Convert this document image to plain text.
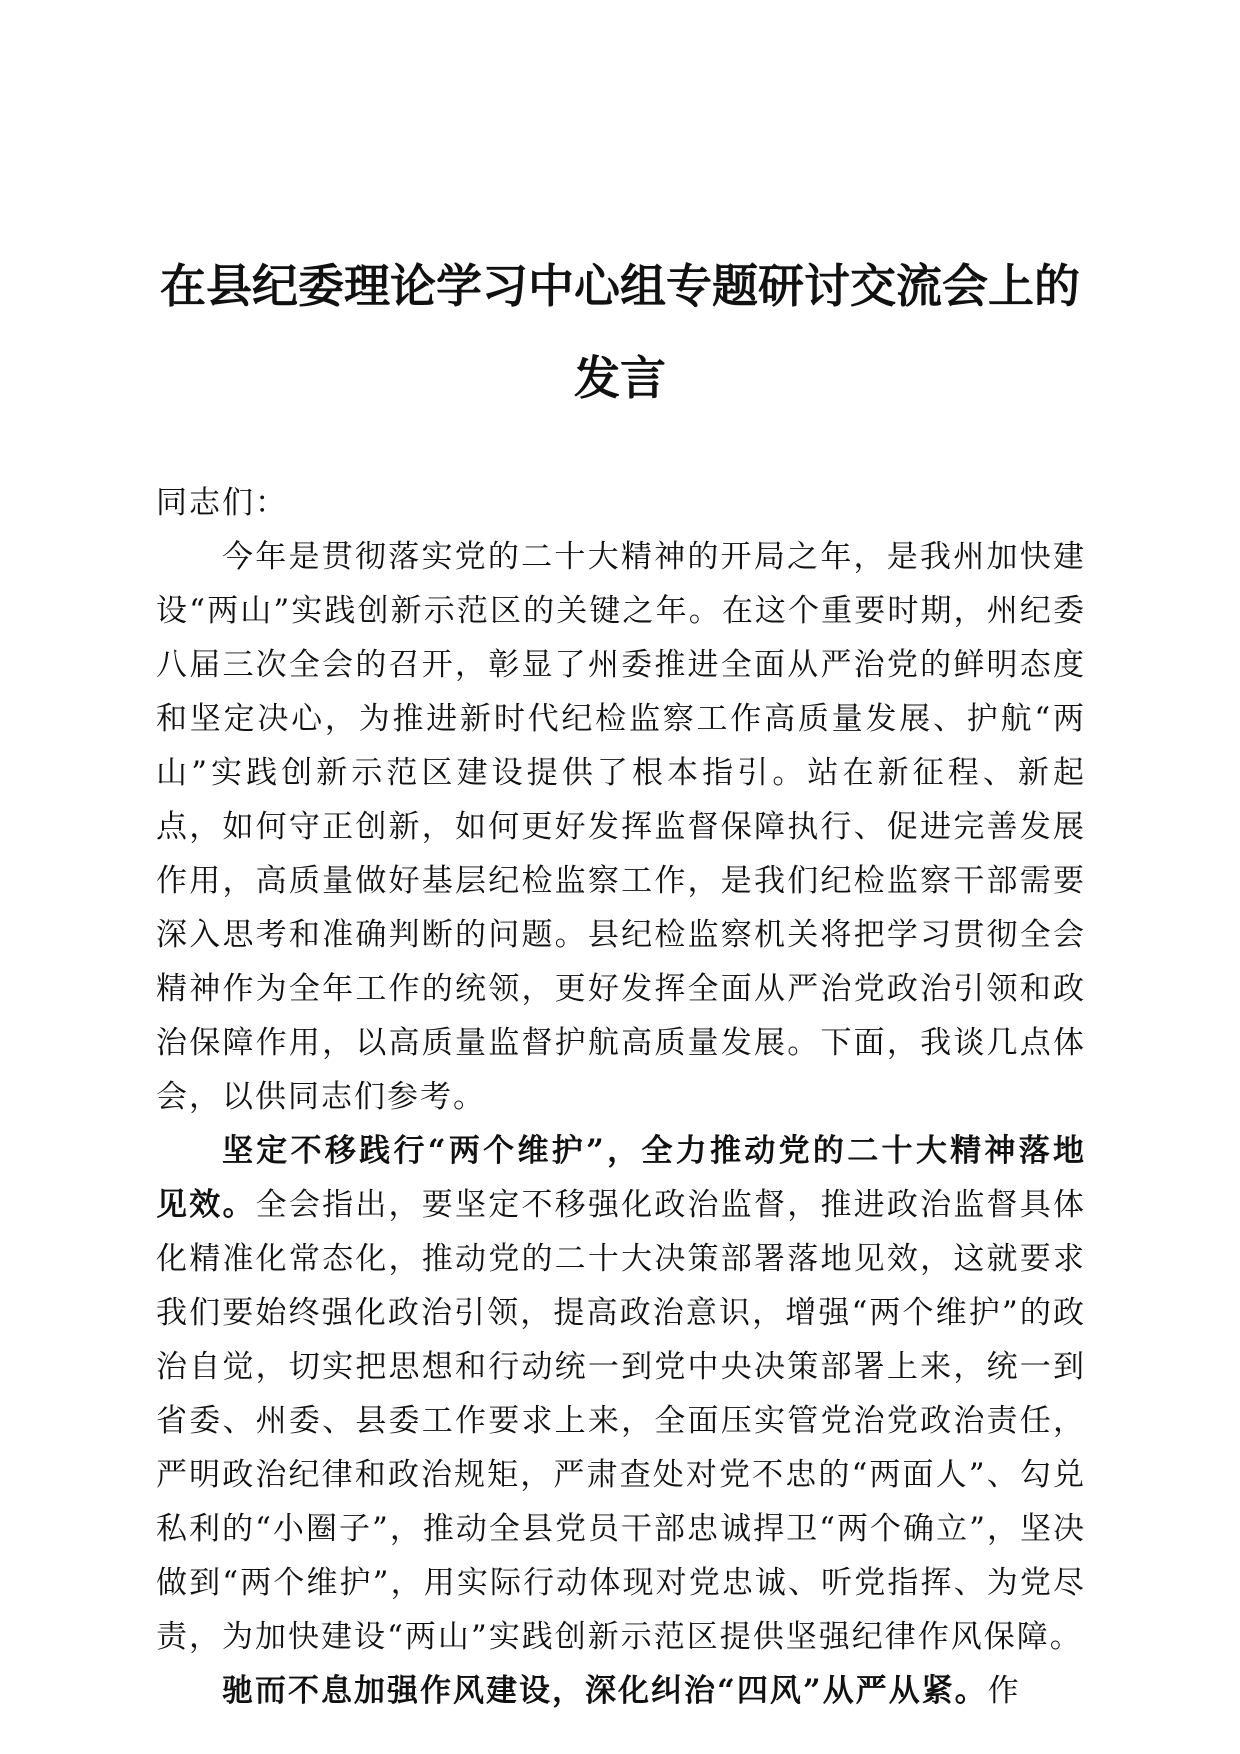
在县纪委理论学习中心组专题研讨交流会上的
发言

同志们：

今年是贯彻落实党的二十大精神的开局之年，是我州加快建设“两山”实践创新示范区的关键之年。在这个重要时期，州纪委八届三次全会的召开，彰显了州委推进全面从严治党的鲜明态度和坚定决心，为推进新时代纪检监察工作高质量发展、护航“两山”实践创新示范区建设提供了根本指引。站在新征程、新起点，如何守正创新，如何更好发挥监督保障执行、促进完善发展作用，高质量做好基层纪检监察工作，是我们纪检监察干部需要深入思考和准确判断的问题。县纪检监察机关将把学习贯彻全会精神作为全年工作的统领，更好发挥全面从严治党政治引领和政治保障作用，以高质量监督护航高质量发展。下面，我谈几点体会，以供同志们参考。

坚定不移践行“两个维护”，全力推动党的二十大精神落地见效。全会指出，要坚定不移强化政治监督，推进政治监督具体化精准化常态化，推动党的二十大决策部署落地见效，这就要求我们要始终强化政治引领，提高政治意识，增强“两个维护”的政治自觉，切实把思想和行动统一到党中央决策部署上来，统一到省委、州委、县委工作要求上来，全面压实管党治党政治责任，严明政治纪律和政治规矩，严肃查处对党不忠的“两面人”、勾兑私利的“小圈子”，推动全县党员干部忠诚捍卫“两个确立”，坚决做到“两个维护”，用实际行动体现对党忠诚、听党指挥、为党尽责，为加快建设“两山”实践创新示范区提供坚强纪律作风保障。

驰而不息加强作风建设，深化纠治“四风”从严从紧。作
